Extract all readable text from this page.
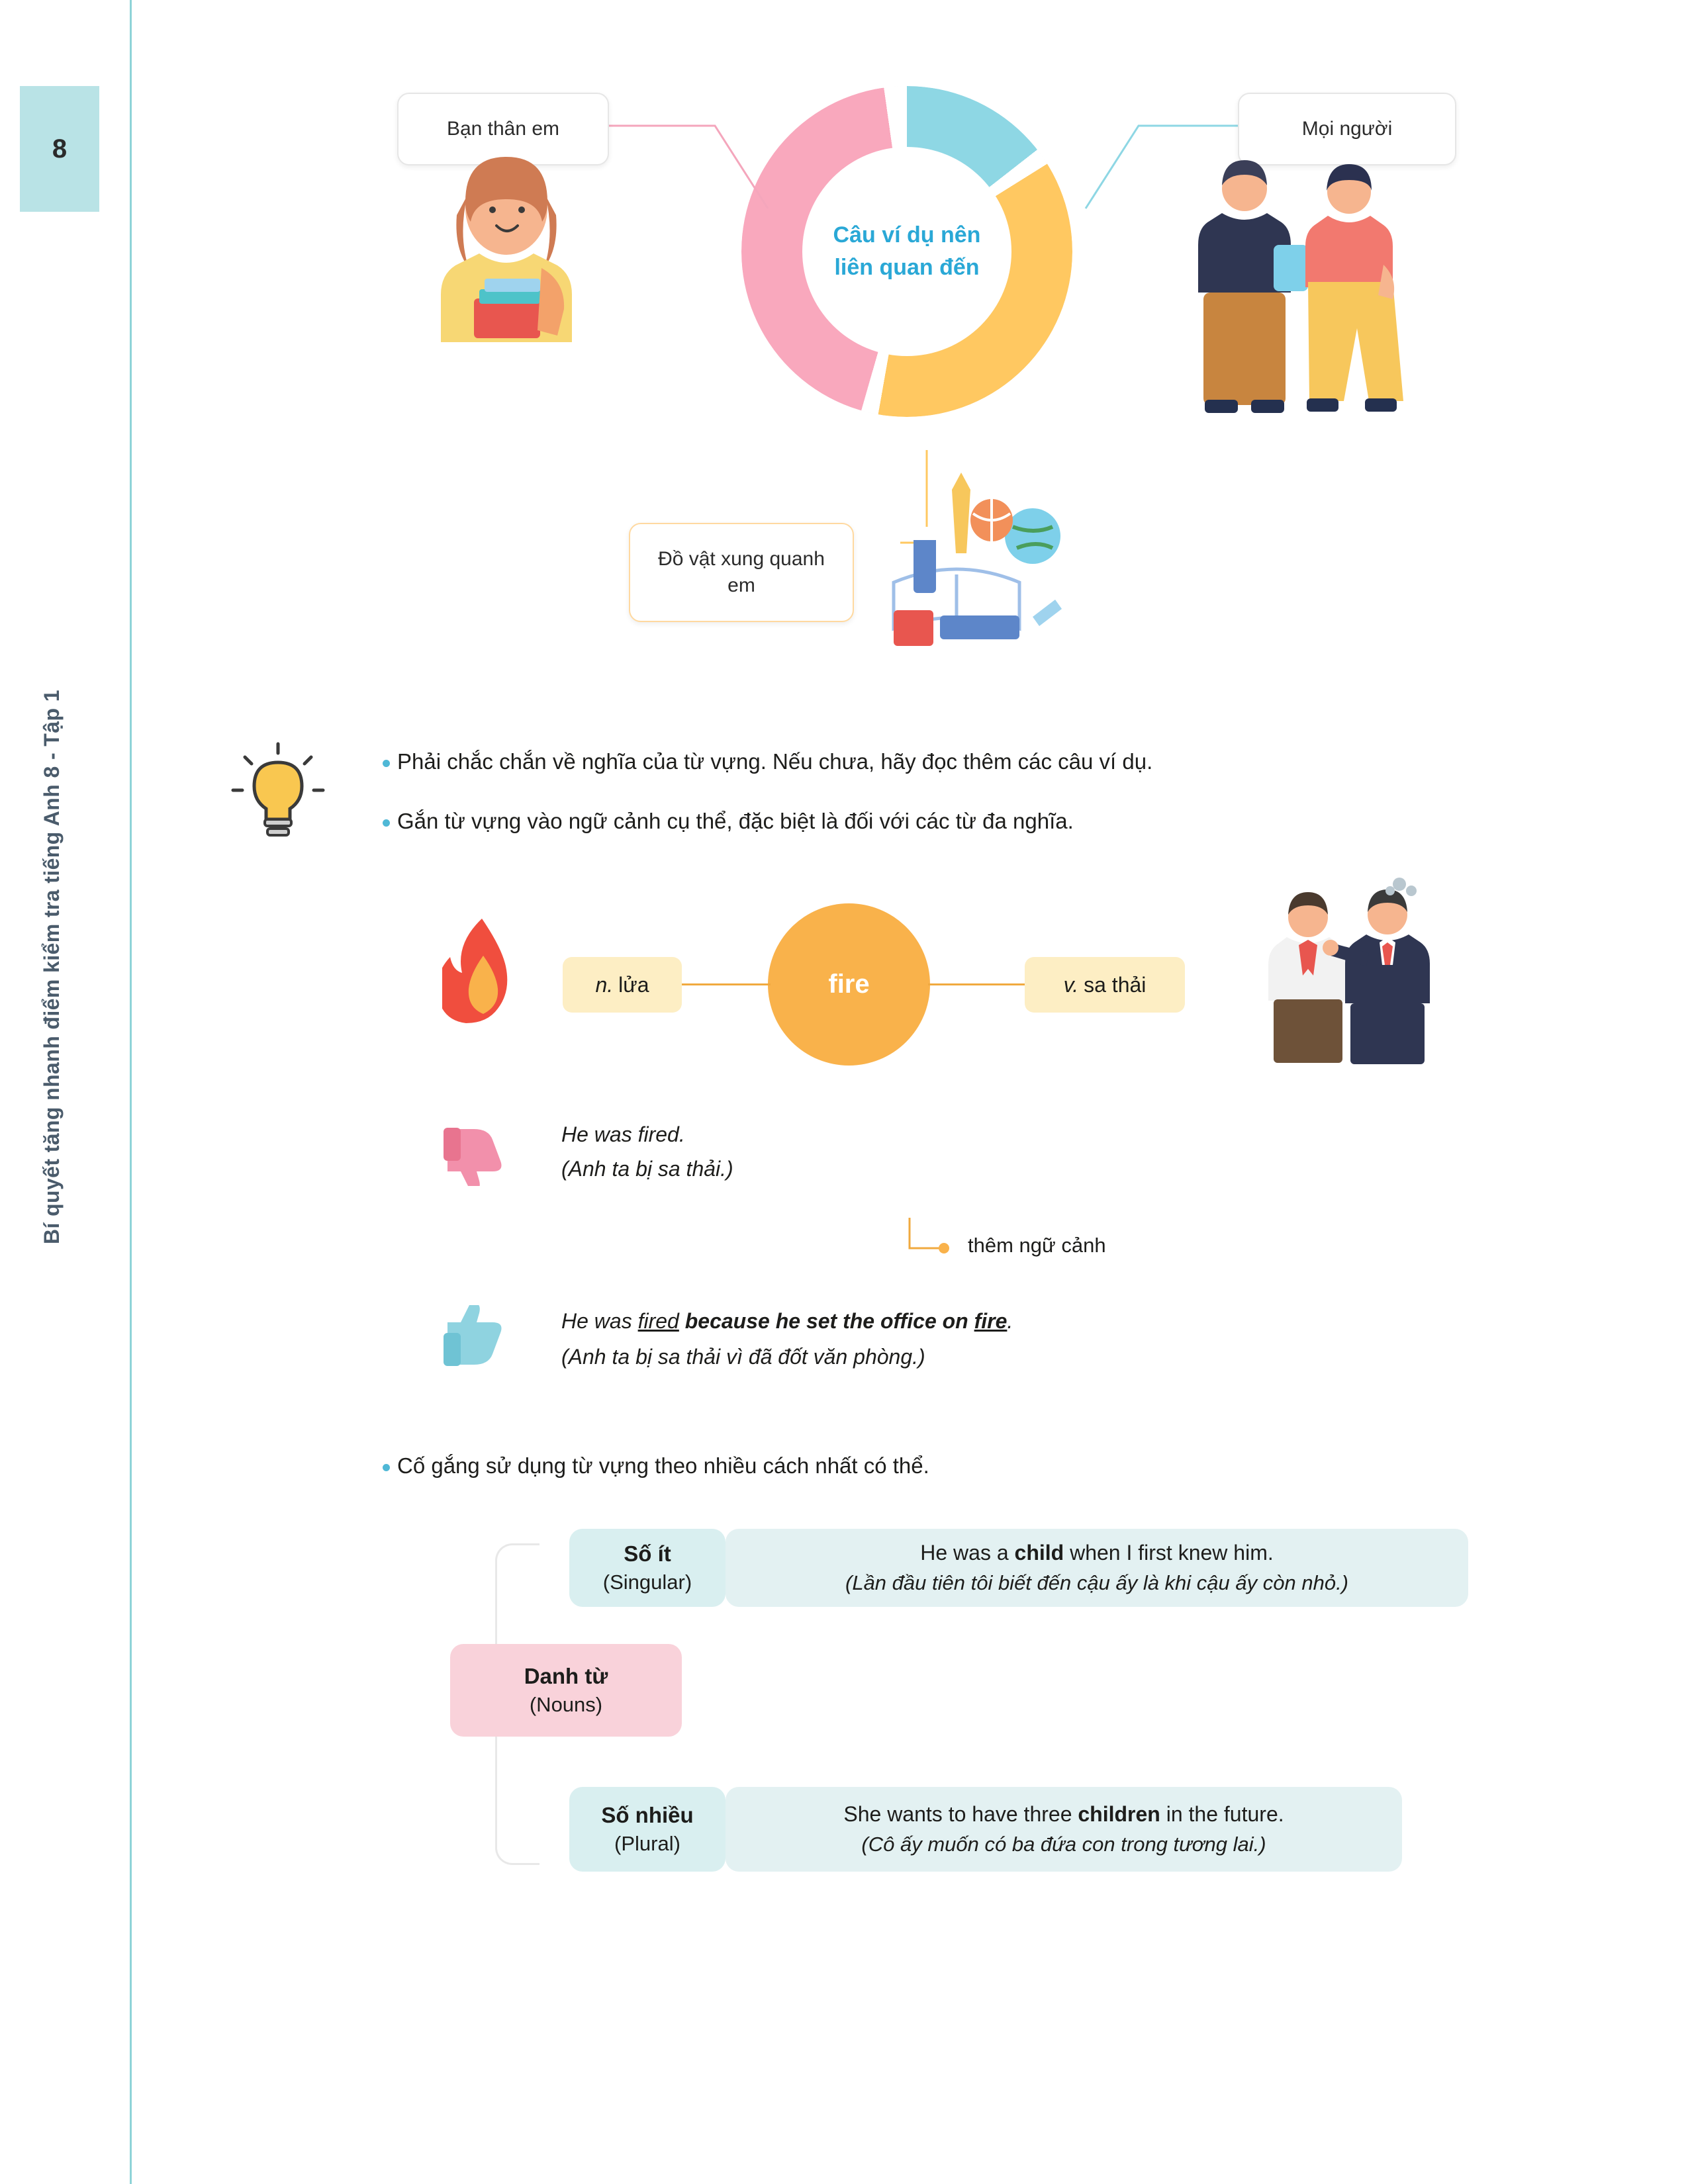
8
Bí quyết tăng nhanh điểm kiểm tra tiếng Anh 8 - Tập 1
Câu ví dụ nên
liên quan đến
Bạn thân em	Mọi người
Đồ vật xung quanh em
Phải chắc chắn về nghĩa của từ vựng. Nếu chưa, hãy đọc thêm các câu ví dụ.
Gắn từ vựng vào ngữ cảnh cụ thể, đặc biệt là đối với các từ đa nghĩa.
fire
n. lửa	v. sa thải
He was fired.
(Anh ta bị sa thải.)
thêm ngữ cảnh
He was fired because he set the office on fire.
(Anh ta bị sa thải vì đã đốt văn phòng.)
Cố gắng sử dụng từ vựng theo nhiều cách nhất có thể.
Số ít
(Singular)
He was a child when I first knew him.
(Lần đầu tiên tôi biết đến cậu ấy là khi cậu ấy còn nhỏ.)
Danh từ
(Nouns)
Số nhiều
(Plural)
She wants to have three children in the future.
(Cô ấy muốn có ba đứa con trong tương lai.)
